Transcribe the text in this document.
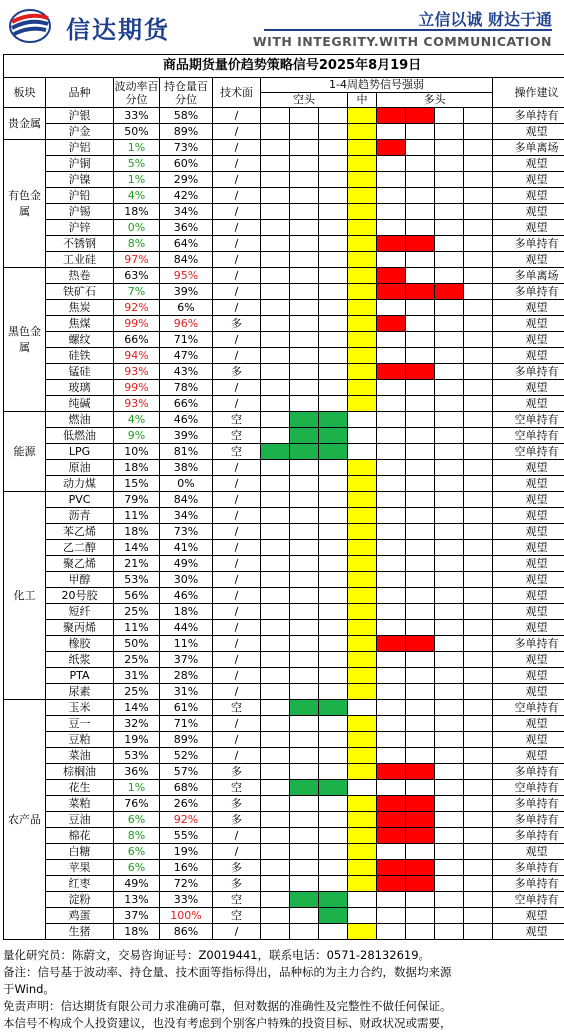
信达期货	立信以诚 财达于通
WITH INTEGRITY.WITH COMMUNICATION
商品期货量价趋势策略信号2025年8月19日													
板块	品种	波动率百分位	持仓量百分位	技术面	1-4周趋势信号强弱								操作建议
					空头			中	多头				
贵金属	沪银	33%	58%	/									多单持有
	沪金	50%	89%	/									观望
有色金属	沪铝	1%	73%	/									多单离场
	沪铜	5%	60%	/									观望
	沪镍	1%	29%	/									观望
	沪铅	4%	42%	/									观望
	沪锡	18%	34%	/									观望
	沪锌	0%	36%	/									观望
	不锈钢	8%	64%	/									多单持有
	工业硅	97%	84%	/									观望
黑色金属	热卷	63%	95%	/									多单离场
	铁矿石	7%	39%	/									多单持有
	焦炭	92%	6%	/									观望
	焦煤	99%	96%	多									观望
	螺纹	66%	71%	/									观望
	硅铁	94%	47%	/									观望
	锰硅	93%	43%	多									多单持有
	玻璃	99%	78%	/									观望
	纯碱	93%	66%	/									观望
能源	燃油	4%	46%	空									空单持有
	低燃油	9%	39%	空									空单持有
	LPG	10%	81%	空									空单持有
	原油	18%	38%	/									观望
	动力煤	15%	0%	/									观望
化工	PVC	79%	84%	/									观望
	沥青	11%	34%	/									观望
	苯乙烯	18%	73%	/									观望
	乙二醇	14%	41%	/									观望
	聚乙烯	21%	49%	/									观望
	甲醇	53%	30%	/									观望
	20号胶	56%	46%	/									观望
	短纤	25%	18%	/									观望
	聚丙烯	11%	44%	/									观望
	橡胶	50%	11%	/									多单持有
	纸浆	25%	37%	/									观望
	PTA	31%	28%	/									观望
	尿素	25%	31%	/									观望
农产品	玉米	14%	61%	空									空单持有
	豆一	32%	71%	/									观望
	豆粕	19%	89%	/									观望
	菜油	53%	52%	/									观望
	棕榈油	36%	57%	多									多单持有
	花生	1%	68%	空									空单持有
	菜粕	76%	26%	多									多单持有
	豆油	6%	92%	多									多单持有
	棉花	8%	55%	/									多单持有
	白糖	6%	19%	/									观望
	苹果	6%	16%	多									多单持有
	红枣	49%	72%	多									多单持有
	淀粉	13%	33%	空									空单持有
	鸡蛋	37%	100%	空									观望
	生猪	18%	86%	/									观望
量化研究员：陈蔚文，交易咨询证号：Z0019441，联系电话：0571-28132619。
备注：信号基于波动率、持仓量、技术面等指标得出，品种标的为主力合约，数据均来源
于Wind。
免责声明：信达期货有限公司力求准确可靠，但对数据的准确性及完整性不做任何保证。
本信号不构成个人投资建议，也没有考虑到个别客户特殊的投资目标、财政状况或需要，
